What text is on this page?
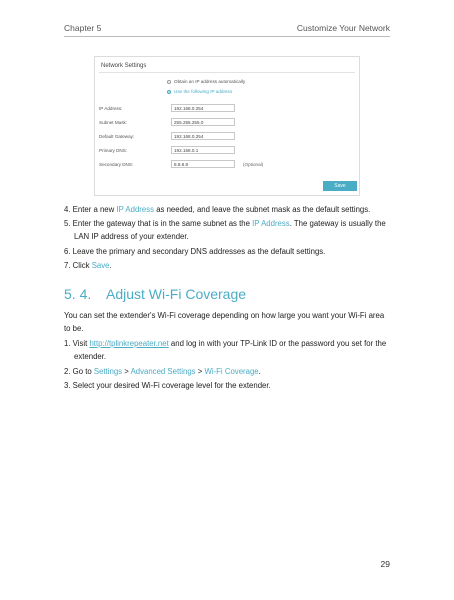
Chapter 5	Customize Your Network
Network Settings
Obtain an IP address automatically
Use the following IP address
IP Address:	192.168.0.254
Subnet Mask:	255.255.255.0
Default Gateway:	192.168.0.254
Primary DNS:	192.168.0.1
Secondary DNS:	8.8.8.8	(Optional)
Save
4. Enter a new IP Address as needed, and leave the subnet mask as the default settings.
5. Enter the gateway that is in the same subnet as the IP Address. The gateway is usually the LAN IP address of your extender.
6. Leave the primary and secondary DNS addresses as the default settings.
7. Click Save.
5. 4. Adjust Wi-Fi Coverage
You can set the extender's Wi-Fi coverage depending on how large you want your Wi-Fi area to be.
1. Visit http://tplinkrepeater.net and log in with your TP-Link ID or the password you set for the extender.
2. Go to Settings > Advanced Settings > Wi-Fi Coverage.
3. Select your desired Wi-Fi coverage level for the extender.
29
